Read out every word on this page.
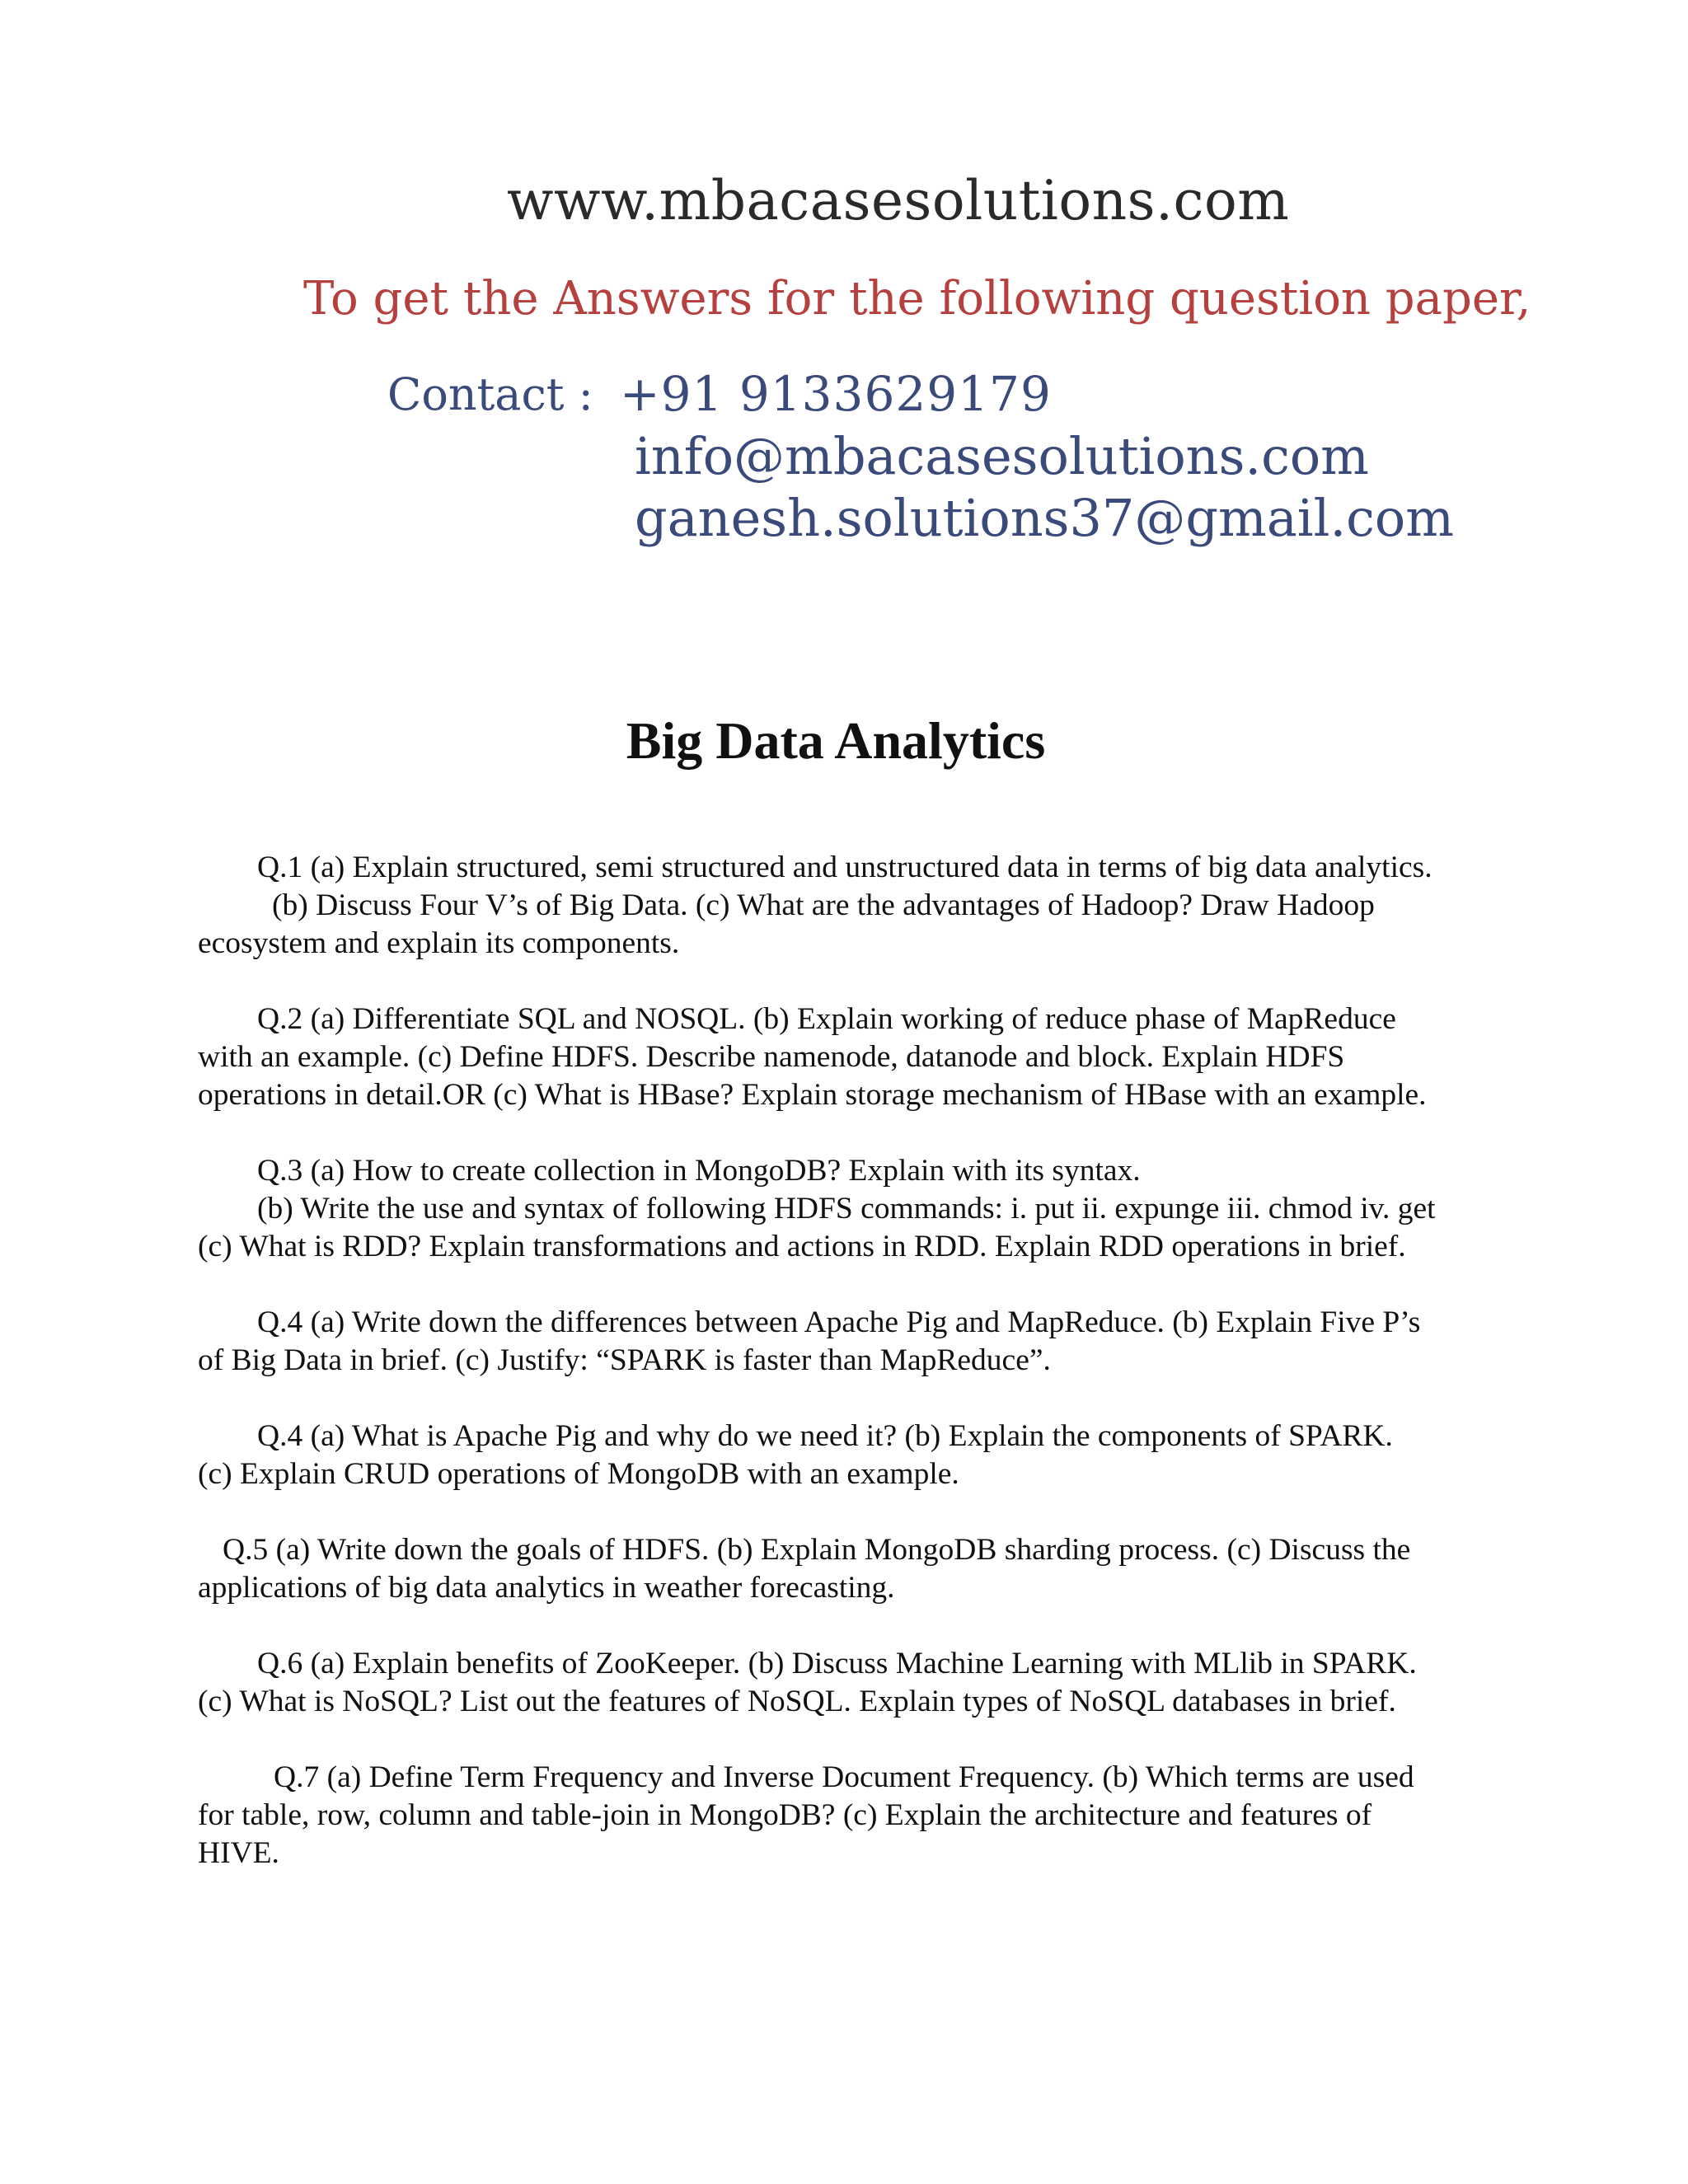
www.mbacasesolutions.com
To get the Answers for the following question paper,
Contact : +91 9133629179
info@mbacasesolutions.com
ganesh.solutions37@gmail.com
Big Data Analytics
Q.1 (a) Explain structured, semi structured and unstructured data in terms of big data analytics.
(b) Discuss Four V’s of Big Data. (c) What are the advantages of Hadoop? Draw Hadoop
ecosystem and explain its components.
Q.2 (a) Differentiate SQL and NOSQL. (b) Explain working of reduce phase of MapReduce
with an example. (c) Define HDFS. Describe namenode, datanode and block. Explain HDFS
operations in detail.OR (c) What is HBase? Explain storage mechanism of HBase with an example.
Q.3 (a) How to create collection in MongoDB? Explain with its syntax.
(b) Write the use and syntax of following HDFS commands: i. put ii. expunge iii. chmod iv. get
(c) What is RDD? Explain transformations and actions in RDD. Explain RDD operations in brief.
Q.4 (a) Write down the differences between Apache Pig and MapReduce. (b) Explain Five P’s
of Big Data in brief. (c) Justify: “SPARK is faster than MapReduce”.
Q.4 (a) What is Apache Pig and why do we need it? (b) Explain the components of SPARK.
(c) Explain CRUD operations of MongoDB with an example.
Q.5 (a) Write down the goals of HDFS. (b) Explain MongoDB sharding process. (c) Discuss the
applications of big data analytics in weather forecasting.
Q.6 (a) Explain benefits of ZooKeeper. (b) Discuss Machine Learning with MLlib in SPARK.
(c) What is NoSQL? List out the features of NoSQL. Explain types of NoSQL databases in brief.
Q.7 (a) Define Term Frequency and Inverse Document Frequency. (b) Which terms are used
for table, row, column and table-join in MongoDB? (c) Explain the architecture and features of
HIVE.
